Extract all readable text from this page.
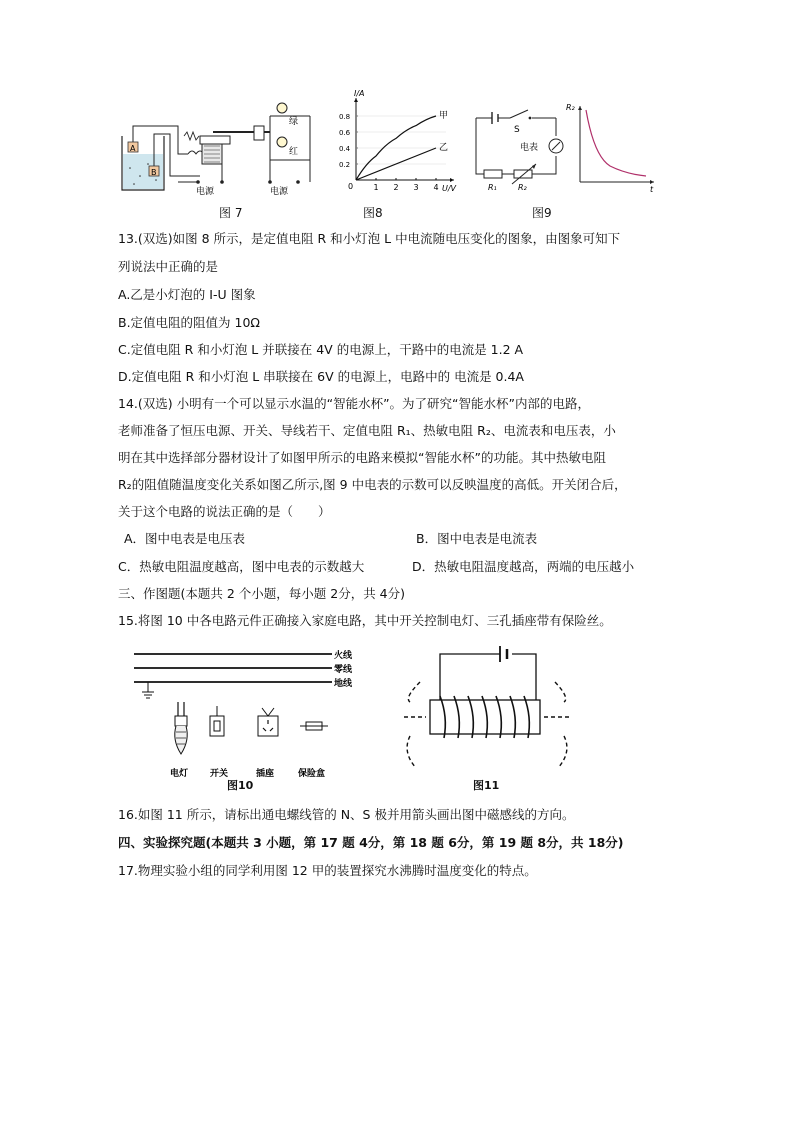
A
B
绿
红
电源	电源
图 7
I/A
U/V
0	1 2 3 4
0.2
0.4
0.6
0.8	甲
乙
图8
S
电表
R₁	R₂
R₂
t
图9
13.(双选)如图 8 所示，是定值电阻 R 和小灯泡 L 中电流随电压变化的图象，由图象可知下
列说法中正确的是
A.乙是小灯泡的 I-U 图象
B.定值电阻的阻值为 10Ω
C.定值电阻 R 和小灯泡 L 并联接在 4V 的电源上，干路中的电流是 1.2 A
D.定值电阻 R 和小灯泡 L 串联接在 6V 的电源上，电路中的 电流是 0.4A
14.(双选) 小明有一个可以显示水温的“智能水杯”。为了研究“智能水杯”内部的电路，
老师准备了恒压电源、开关、导线若干、定值电阻 R₁、热敏电阻 R₂、电流表和电压表，小
明在其中选择部分器材设计了如图甲所示的电路来模拟“智能水杯”的功能。其中热敏电阻
R₂的阻值随温度变化关系如图乙所示,图 9 中电表的示数可以反映温度的高低。开关闭合后，
关于这个电路的说法正确的是（　　）
A．图中电表是电压表	B．图中电表是电流表
C．热敏电阻温度越高，图中电表的示数越大	D．热敏电阻温度越高，两端的电压越小
三、作图题(本题共 2 个小题，每小题 2分，共 4分)
15.将图 10 中各电路元件正确接入家庭电路，其中开关控制电灯、三孔插座带有保险丝。
火线
零线
地线
电灯 开关	插座	保险盒
图10	图11
16.如图 11 所示，请标出通电螺线管的 N、S 极并用箭头画出图中磁感线的方向。
四、实验探究题(本题共 3 小题，第 17 题 4分，第 18 题 6分，第 19 题 8分，共 18分)
17.物理实验小组的同学利用图 12 甲的装置探究水沸腾时温度变化的特点。
